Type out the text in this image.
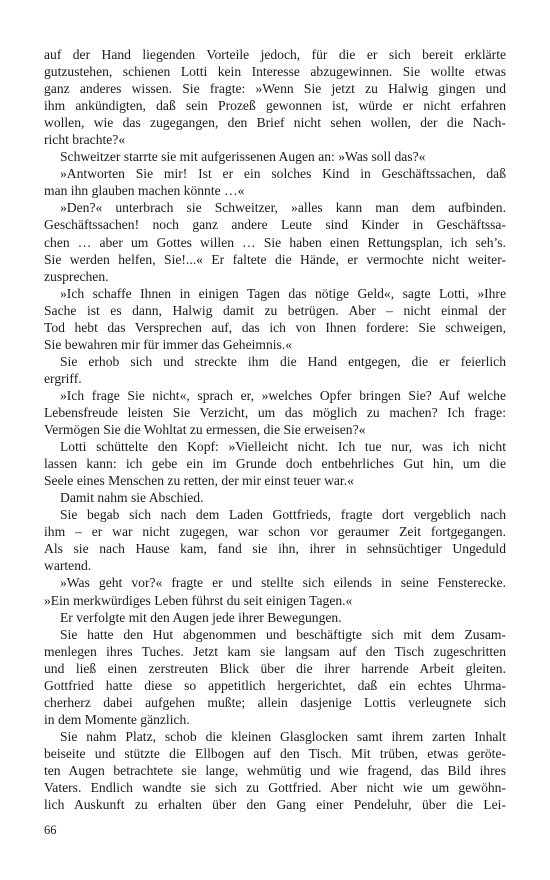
auf der Hand liegenden Vorteile jedoch, für die er sich bereit erklärte
gutzustehen, schienen Lotti kein Interesse abzugewinnen. Sie wollte etwas
ganz anderes wissen. Sie fragte: »Wenn Sie jetzt zu Halwig gingen und
ihm ankündigten, daß sein Prozeß gewonnen ist, würde er nicht erfahren
wollen, wie das zugegangen, den Brief nicht sehen wollen, der die Nach-
richt brachte?«
Schweitzer starrte sie mit aufgerissenen Augen an: »Was soll das?«
»Antworten Sie mir! Ist er ein solches Kind in Geschäftssachen, daß
man ihn glauben machen könnte …«
»Den?« unterbrach sie Schweitzer, »alles kann man dem aufbinden.
Geschäftssachen! noch ganz andere Leute sind Kinder in Geschäftssa-
chen … aber um Gottes willen … Sie haben einen Rettungsplan, ich seh’s.
Sie werden helfen, Sie!...« Er faltete die Hände, er vermochte nicht weiter-
zusprechen.
»Ich schaffe Ihnen in einigen Tagen das nötige Geld«, sagte Lotti, »Ihre
Sache ist es dann, Halwig damit zu betrügen. Aber – nicht einmal der
Tod hebt das Versprechen auf, das ich von Ihnen fordere: Sie schweigen,
Sie bewahren mir für immer das Geheimnis.«
Sie erhob sich und streckte ihm die Hand entgegen, die er feierlich
ergriff.
»Ich frage Sie nicht«, sprach er, »welches Opfer bringen Sie? Auf welche
Lebensfreude leisten Sie Verzicht, um das möglich zu machen? Ich frage:
Vermögen Sie die Wohltat zu ermessen, die Sie erweisen?«
Lotti schüttelte den Kopf: »Vielleicht nicht. Ich tue nur, was ich nicht
lassen kann: ich gebe ein im Grunde doch entbehrliches Gut hin, um die
Seele eines Menschen zu retten, der mir einst teuer war.«
Damit nahm sie Abschied.
Sie begab sich nach dem Laden Gottfrieds, fragte dort vergeblich nach
ihm – er war nicht zugegen, war schon vor geraumer Zeit fortgegangen.
Als sie nach Hause kam, fand sie ihn, ihrer in sehnsüchtiger Ungeduld
wartend.
»Was geht vor?« fragte er und stellte sich eilends in seine Fensterecke.
»Ein merkwürdiges Leben führst du seit einigen Tagen.«
Er verfolgte mit den Augen jede ihrer Bewegungen.
Sie hatte den Hut abgenommen und beschäftigte sich mit dem Zusam-
menlegen ihres Tuches. Jetzt kam sie langsam auf den Tisch zugeschritten
und ließ einen zerstreuten Blick über die ihrer harrende Arbeit gleiten.
Gottfried hatte diese so appetitlich hergerichtet, daß ein echtes Uhrma-
cherherz dabei aufgehen mußte; allein dasjenige Lottis verleugnete sich
in dem Momente gänzlich.
Sie nahm Platz, schob die kleinen Glasglocken samt ihrem zarten Inhalt
beiseite und stützte die Ellbogen auf den Tisch. Mit trüben, etwas geröte-
ten Augen betrachtete sie lange, wehmütig und wie fragend, das Bild ihres
Vaters. Endlich wandte sie sich zu Gottfried. Aber nicht wie um gewöhn-
lich Auskunft zu erhalten über den Gang einer Pendeluhr, über die Lei-
66
